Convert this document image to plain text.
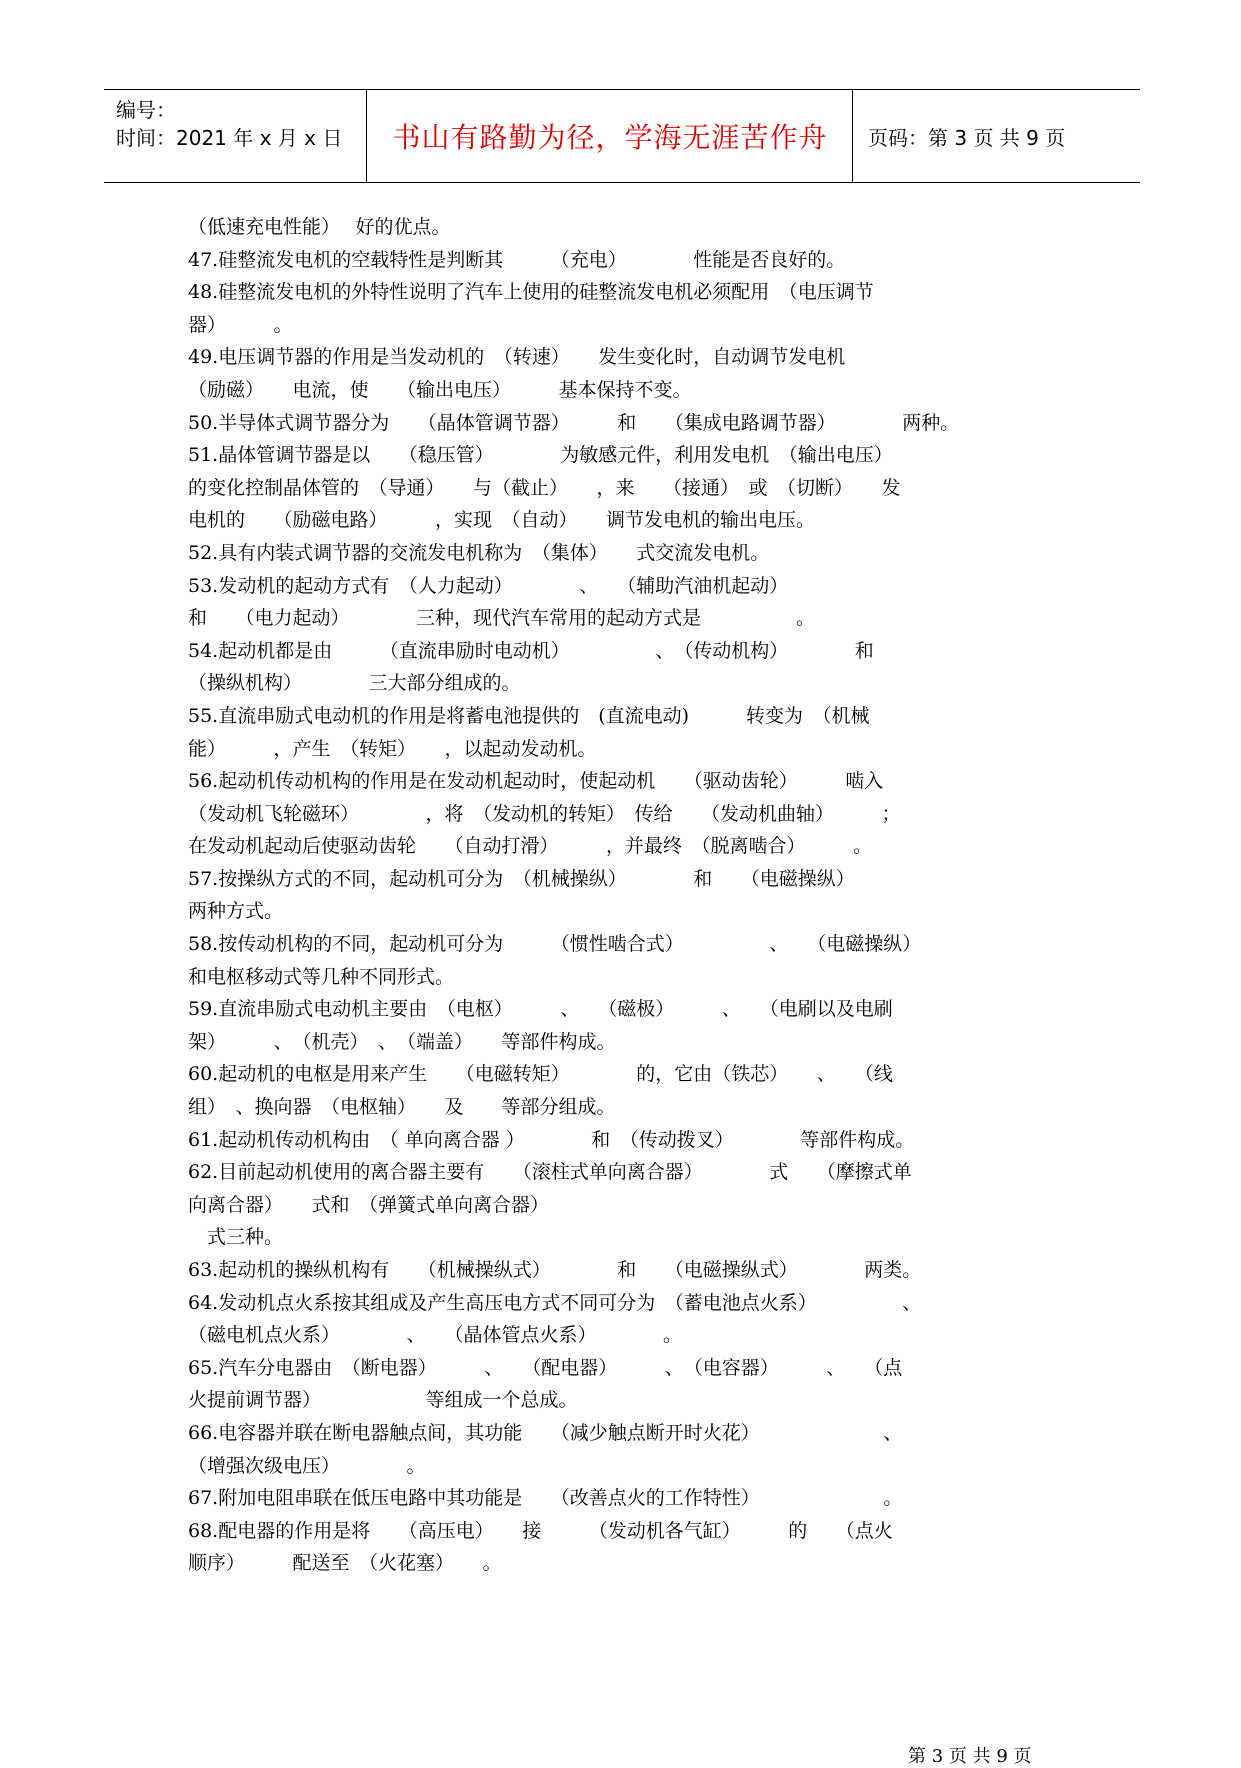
编号：
时间：2021 年 x 月 x 日	书山有路勤为径，学海无涯苦作舟	页码：第 3 页 共 9 页
（低速充电性能）　 好的优点。
47.硅整流发电机的空载特性是判断其　　　（充电）　　　　性能是否良好的。
48.硅整流发电机的外特性说明了汽车上使用的硅整流发电机必须配用　（电压调节
器）　　　。
49.电压调节器的作用是当发动机的　（转速）　　发生变化时，自动调节发电机
（励磁）　　电流，使　　（输出电压）　　　基本保持不变。
50.半导体式调节器分为　　（晶体管调节器）　　　和　　（集成电路调节器）　　　　两种。
51.晶体管调节器是以　　（稳压管）　　　　为敏感元件，利用发电机　（输出电压）
的变化控制晶体管的　（导通）　　与（截止）　　，来　　（接通）　或　（切断）　　发
电机的　　（励磁电路）　　　，实现　（自动）　　调节发电机的输出电压。
52.具有内装式调节器的交流发电机称为　（集体）　　式交流发电机。
53.发动机的起动方式有　（人力起动）　　　　、　　（辅助汽油机起动）
和　　（电力起动）　　　　三种，现代汽车常用的起动方式是　　　　　。
54.起动机都是由　　　（直流串励时电动机）　　　　　、　（传动机构）　　　　和
（操纵机构）　　　　三大部分组成的。
55.直流串励式电动机的作用是将蓄电池提供的　(直流电动)　　　转变为　（机械
能）　　　，产生　（转矩）　　，以起动发动机。
56.起动机传动机构的作用是在发动机起动时，使起动机　　（驱动齿轮）　　　啮入
（发动机飞轮磁环）　　　　，将　（发动机的转矩）　传给　　（发动机曲轴）　　　；
在发动机起动后使驱动齿轮　　（自动打滑）　　　，并最终　（脱离啮合）　　　。
57.按操纵方式的不同，起动机可分为　（机械操纵）　　　　和　　（电磁操纵）
两种方式。
58.按传动机构的不同，起动机可分为　　　（惯性啮合式）　　　　　、　　（电磁操纵）
和电枢移动式等几种不同形式。
59.直流串励式电动机主要由　（电枢）　　　、　　（磁极）　　　、　　（电刷以及电刷
架）　　　、　（机壳）　、　（端盖）　　等部件构成。
60.起动机的电枢是用来产生　　（电磁转矩）　　　　的，它由（铁芯）　　、　　（线
组）　、换向器　（电枢轴）　　及　　等部分组成。
61.起动机传动机构由　（ 单向离合器 ）　　　　和　（传动拨叉）　　　　等部件构成。
62.目前起动机使用的离合器主要有　　（滚柱式单向离合器）　　　　式　　（摩擦式单
向离合器）　　式和　（弹簧式单向离合器）
　式三种。
63.起动机的操纵机构有　　（机械操纵式）　　　　和　　（电磁操纵式）　　　　两类。
64.发动机点火系按其组成及产生高压电方式不同可分为　（蓄电池点火系）　　　　　、
（磁电机点火系）　　　　、　　（晶体管点火系）　　　　。
65.汽车分电器由　（断电器）　　　、　　（配电器）　　　、　（电容器）　　　、　　（点
火提前调节器）　　　　　　等组成一个总成。
66.电容器并联在断电器触点间，其功能　　（减少触点断开时火花）　　　　　　　、
（增强次级电压）　　　　。
67.附加电阻串联在低压电路中其功能是　　（改善点火的工作特性）　　　　　　　。
68.配电器的作用是将　　（高压电）　　接　　　（发动机各气缸）　　　的　　（点火
顺序）　　　配送至　（火花塞）　　。
第 3 页 共 9 页
